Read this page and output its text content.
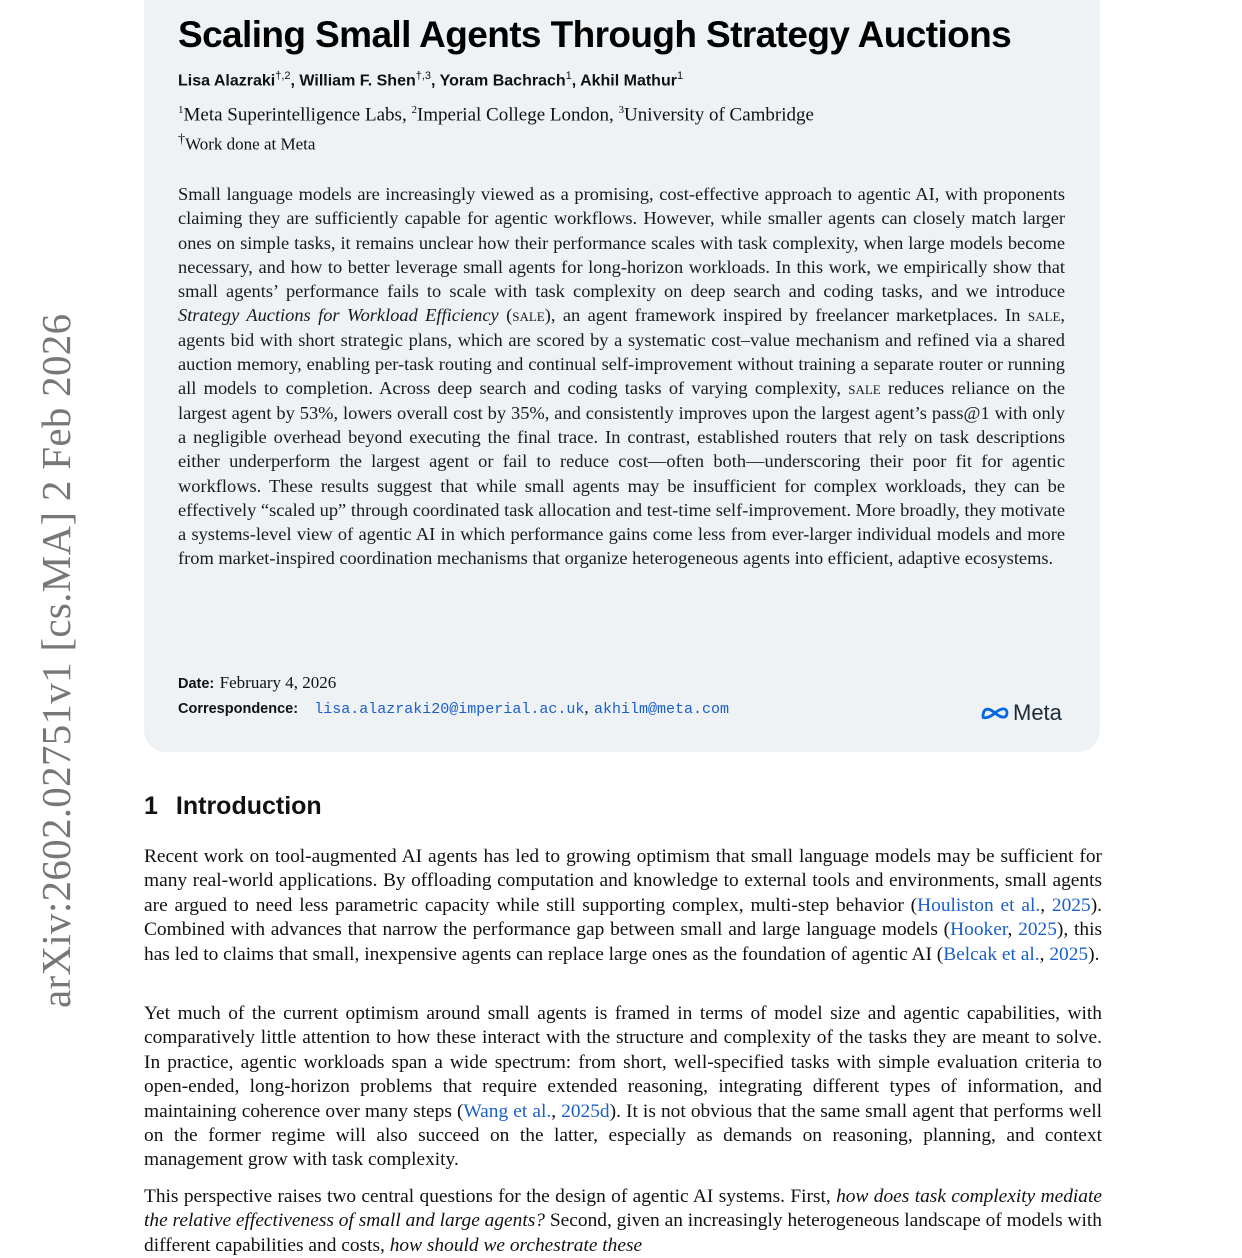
arXiv:2602.02751v1 [cs.MA] 2 Feb 2026
Scaling Small Agents Through Strategy Auctions
Lisa Alazraki$^{\dagger,2}$, William F. Shen$^{\dagger,3}$, Yoram Bachrach$^1$, Akhil Mathur$^1$
$^1$Meta Superintelligence Labs, $^2$Imperial College London, $^3$University of Cambridge
†Work done at Meta

Small language models are increasingly viewed as a promising, cost-effective approach to agentic AI, with proponents claiming they are sufficiently capable for agentic workflows. However, while smaller agents can closely match larger ones on simple tasks, it remains unclear how their performance scales with task complexity, when large models become necessary, and how to better leverage small agents for long-horizon workloads. In this work, we empirically show that small agents’ performance fails to scale with task complexity on deep search and coding tasks, and we introduce Strategy Auctions for Workload Efficiency (sale), an agent framework inspired by freelancer marketplaces. In sale, agents bid with short strategic plans, which are scored by a systematic cost–value mechanism and refined via a shared auction memory, enabling per-task routing and continual self-improvement without training a separate router or running all models to completion. Across deep search and coding tasks of varying complexity, sale reduces reliance on the largest agent by 53%, lowers overall cost by 35%, and consistently improves upon the largest agent’s pass@1 with only a negligible overhead beyond executing the final trace. In contrast, established routers that rely on task descriptions either underperform the largest agent or fail to reduce cost—often both—underscoring their poor fit for agentic workflows. These results suggest that while small agents may be insufficient for complex workloads, they can be effectively “scaled up” through coordinated task allocation and test-time self-improvement. More broadly, they motivate a systems-level view of agentic AI in which performance gains come less from ever-larger individual models and more from market-inspired coordination mechanisms that organize heterogeneous agents into efficient, adaptive ecosystems.

Date: February 4, 2026
Correspondence: lisa.alazraki20@imperial.ac.uk, akhilm@meta.com	Meta
1 Introduction

Recent work on tool-augmented AI agents has led to growing optimism that small language models may be sufficient for many real-world applications. By offloading computation and knowledge to external tools and environments, small agents are argued to need less parametric capacity while still supporting complex, multi-step behavior (Houliston et al., 2025). Combined with advances that narrow the performance gap between small and large language models (Hooker, 2025), this has led to claims that small, inexpensive agents can replace large ones as the foundation of agentic AI (Belcak et al., 2025).

Yet much of the current optimism around small agents is framed in terms of model size and agentic capabilities, with comparatively little attention to how these interact with the structure and complexity of the tasks they are meant to solve. In practice, agentic workloads span a wide spectrum: from short, well-specified tasks with simple evaluation criteria to open-ended, long-horizon problems that require extended reasoning, integrating different types of information, and maintaining coherence over many steps (Wang et al., 2025d). It is not obvious that the same small agent that performs well on the former regime will also succeed on the latter, especially as demands on reasoning, planning, and context management grow with task complexity.

This perspective raises two central questions for the design of agentic AI systems. First, how does task complexity mediate the relative effectiveness of small and large agents? Second, given an increasingly heterogeneous landscape of models with different capabilities and costs, how should we orchestrate these
